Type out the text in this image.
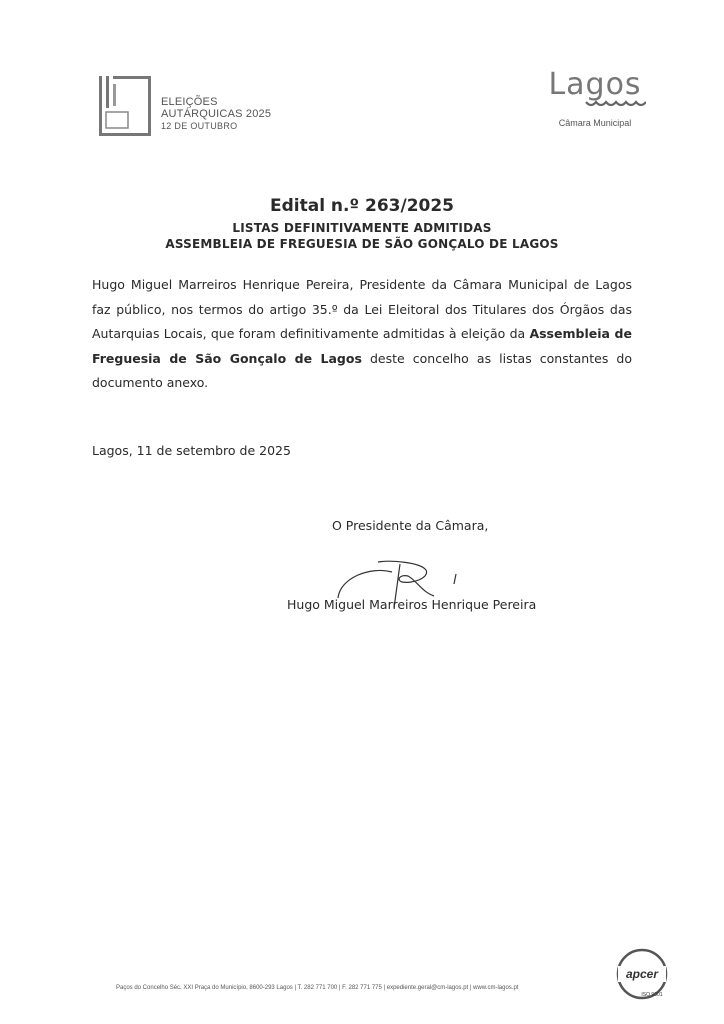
ELEIÇÕES
AUTÁRQUICAS 2025
12 DE OUTUBRO
Lagos
Câmara Municipal
Edital n.º 263/2025
LISTAS DEFINITIVAMENTE ADMITIDAS
ASSEMBLEIA DE FREGUESIA DE SÃO GONÇALO DE LAGOS
Hugo Miguel Marreiros Henrique Pereira, Presidente da Câmara Municipal de Lagos faz público, nos termos do artigo 35.º da Lei Eleitoral dos Titulares dos Órgãos das Autarquias Locais, que foram definitivamente admitidas à eleição da Assembleia de Freguesia de São Gonçalo de Lagos deste concelho as listas constantes do documento anexo.
Lagos, 11 de setembro de 2025
O Presidente da Câmara,
Hugo Miguel Marreiros Henrique Pereira
Paços do Concelho Séc. XXI Praça do Município, 8600-293 Lagos | T. 282 771 700 | F. 282 771 775 | expediente.geral@cm-lagos.pt | www.cm-lagos.pt
apcer
ISO 9001
